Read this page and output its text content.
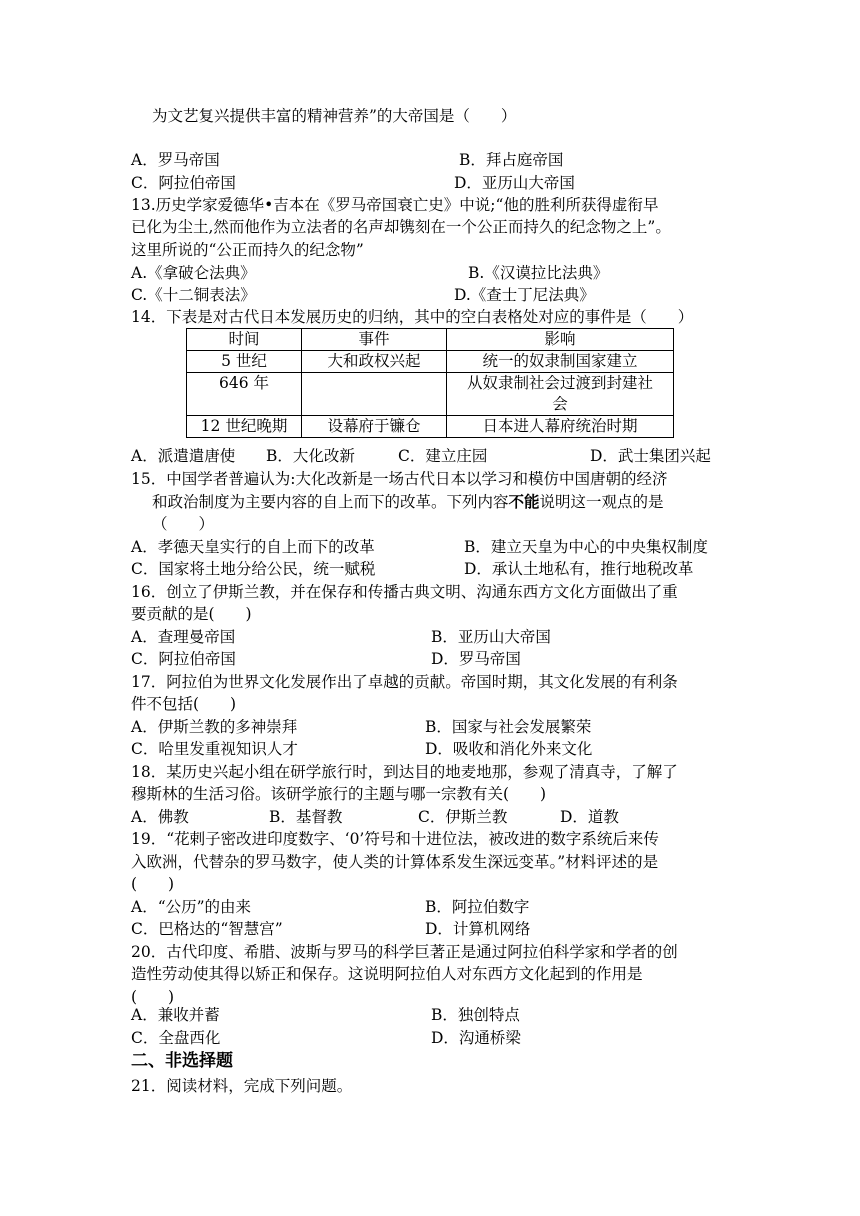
为文艺复兴提供丰富的精神营养”的大帝国是（　　）
A．罗马帝国	B．拜占庭帝国
C．阿拉伯帝国	D．亚历山大帝国
13.历史学家爱德华•吉本在《罗马帝国衰亡史》中说;“他的胜利所获得虚衔早
已化为尘土,然而他作为立法者的名声却镌刻在一个公正而持久的纪念物之上”。
这里所说的“公正而持久的纪念物”
A.《拿破仑法典》	B.《汉谟拉比法典》
C.《十二铜表法》	D.《查士丁尼法典》
14．下表是对古代日本发展历史的归纳，其中的空白表格处对应的事件是（　　）
时间	事件	影响
5 世纪	大和政权兴起	统一的奴隶制国家建立
646 年		从奴隶制社会过渡到封建社
会
12 世纪晚期	设幕府于镰仓	日本进人幕府统治时期
A．派遣遣唐使 B．大化改新	C．建立庄园	D．武士集团兴起
15．中国学者普遍认为:大化改新是一场古代日本以学习和模仿中国唐朝的经济
和政治制度为主要内容的自上而下的改革。下列内容不能说明这一观点的是
（　　）
A．孝德天皇实行的自上而下的改革	B．建立天皇为中心的中央集权制度
C．国家将土地分给公民，统一赋税	D．承认土地私有，推行地税改革
16．创立了伊斯兰教，并在保存和传播古典文明、沟通东西方文化方面做出了重
要贡献的是(　　)
A．查理曼帝国	B．亚历山大帝国
C．阿拉伯帝国	D．罗马帝国
17．阿拉伯为世界文化发展作出了卓越的贡献。帝国时期，其文化发展的有利条
件不包括(　　)
A．伊斯兰教的多神崇拜	B．国家与社会发展繁荣
C．哈里发重视知识人才	D．吸收和消化外来文化
18．某历史兴起小组在研学旅行时，到达目的地麦地那，参观了清真寺，了解了
穆斯林的生活习俗。该研学旅行的主题与哪一宗教有关(　　)
A．佛教	B．基督教	C．伊斯兰教	D．道教
19．“花剌子密改进印度数字、‘0’符号和十进位法，被改进的数字系统后来传
入欧洲，代替杂的罗马数字，使人类的计算体系发生深远变革。”材料评述的是
(　　)
A．“公历”的由来	B．阿拉伯数字
C．巴格达的“智慧宫”	D．计算机网络
20．古代印度、希腊、波斯与罗马的科学巨著正是通过阿拉伯科学家和学者的创
造性劳动使其得以矫正和保存。这说明阿拉伯人对东西方文化起到的作用是
(　　)
A．兼收并蓄	B．独创特点
C．全盘西化	D．沟通桥梁
二、非选择题
21．阅读材料，完成下列问题。
